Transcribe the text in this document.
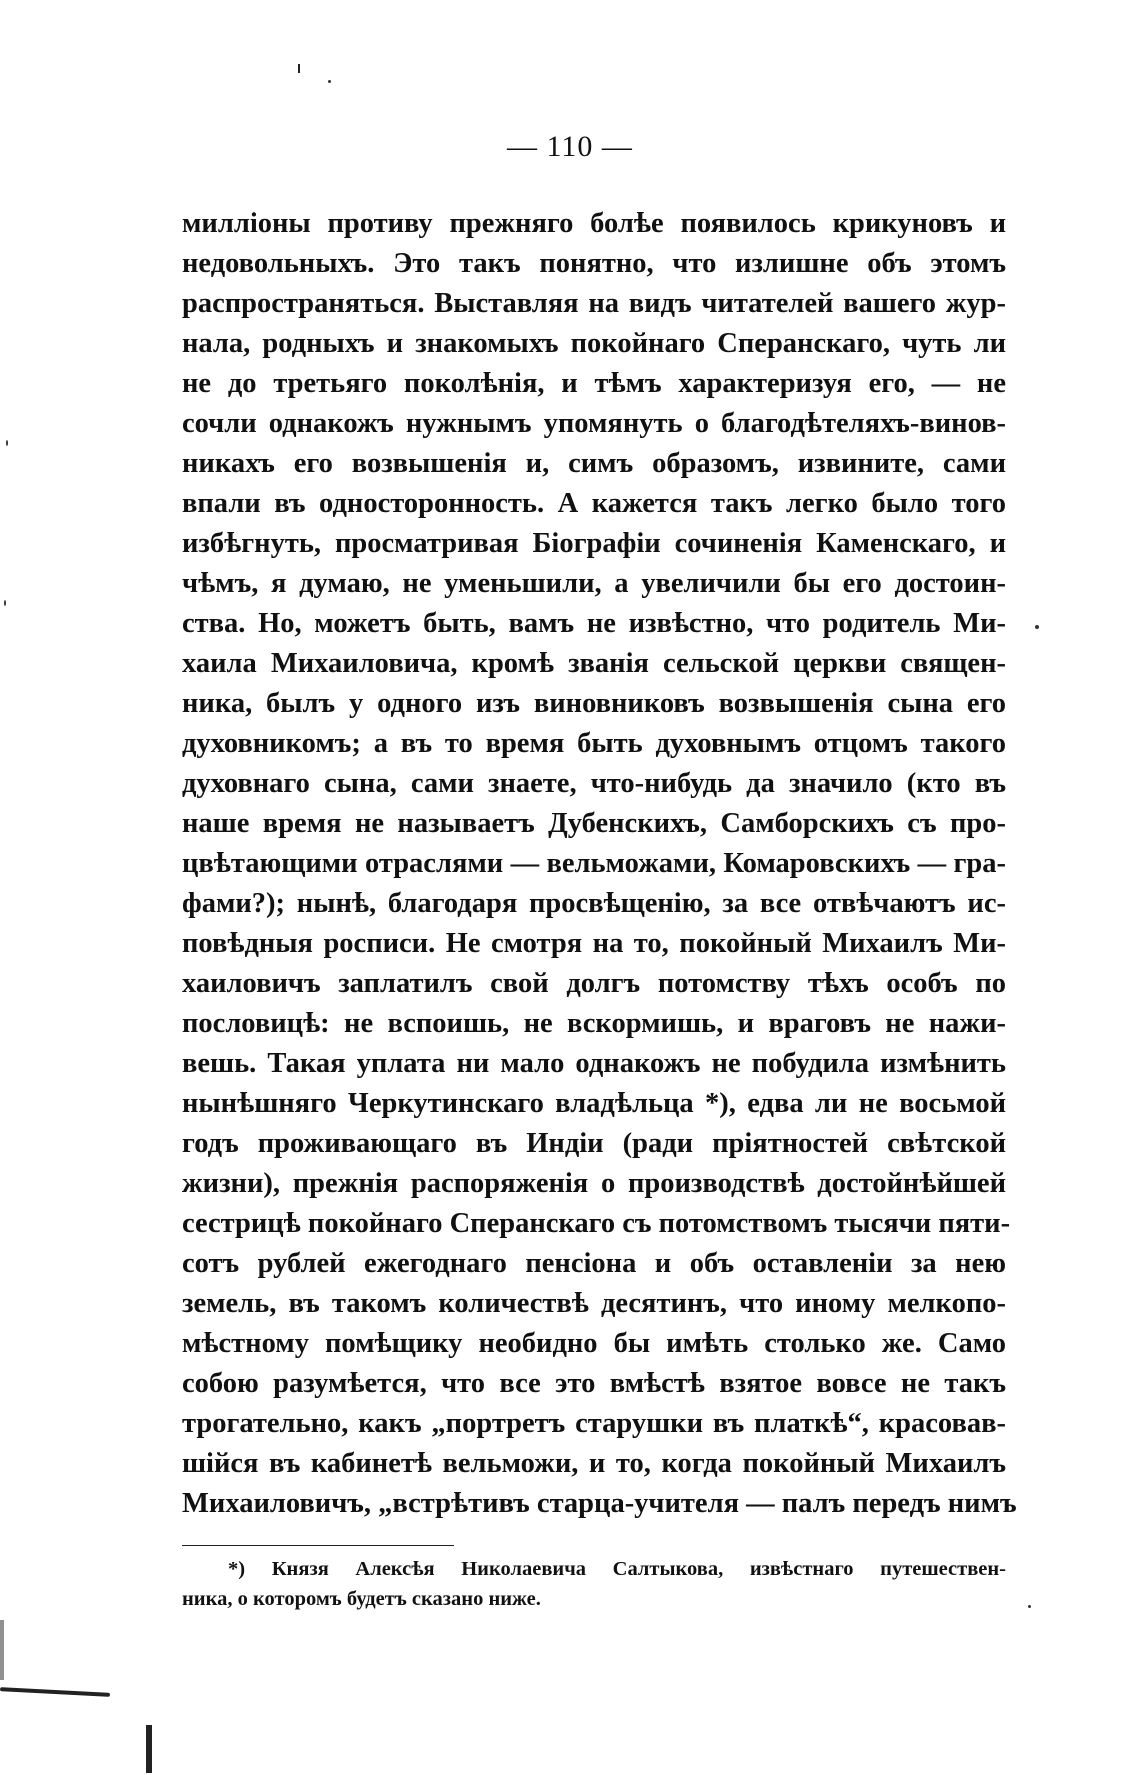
— 110 —
милліоны противу прежняго болѣе появилось крикуновъ и
недовольныхъ. Это такъ понятно, что излишне объ этомъ
распространяться. Выставляя на видъ читателей вашего жур-
нала, родныхъ и знакомыхъ покойнаго Сперанскаго, чуть ли
не до третьяго поколѣнія, и тѣмъ характеризуя его, — не
сочли однакожъ нужнымъ упомянуть о благодѣтеляхъ-винов-
никахъ его возвышенія и, симъ образомъ, извините, сами
впали въ односторонность. А кажется такъ легко было того
избѣгнуть, просматривая Біографіи сочиненія Каменскаго, и
чѣмъ, я думаю, не уменьшили, а увеличили бы его достоин-
ства. Но, можетъ быть, вамъ не извѣстно, что родитель Ми-
хаила Михаиловича, кромѣ званія сельской церкви священ-
ника, былъ у одного изъ виновниковъ возвышенія сына его
духовникомъ; а въ то время быть духовнымъ отцомъ такого
духовнаго сына, сами знаете, что-нибудь да значило (кто въ
наше время не называетъ Дубенскихъ, Самборскихъ съ про-
цвѣтающими отраслями — вельможами, Комаровскихъ — гра-
фами?); нынѣ, благодаря просвѣщенію, за все отвѣчаютъ ис-
повѣдныя росписи. Не смотря на то, покойный Михаилъ Ми-
хаиловичъ заплатилъ свой долгъ потомству тѣхъ особъ по
пословицѣ: не вспоишь, не вскормишь, и враговъ не нажи-
вешь. Такая уплата ни мало однакожъ не побудила измѣнить
нынѣшняго Черкутинскаго владѣльца *), едва ли не восьмой
годъ проживающаго въ Индіи (ради пріятностей свѣтской
жизни), прежнія распоряженія о производствѣ достойнѣйшей
сестрицѣ покойнаго Сперанскаго съ потомствомъ тысячи пяти-
сотъ рублей ежегоднаго пенсіона и объ оставленіи за нею
земель, въ такомъ количествѣ десятинъ, что иному мелкопо-
мѣстному помѣщику необидно бы имѣть столько же. Само
собою разумѣется, что все это вмѣстѣ взятое вовсе не такъ
трогательно, какъ „портретъ старушки въ платкѣ“, красовав-
шійся въ кабинетѣ вельможи, и то, когда покойный Михаилъ
Михаиловичъ, „встрѣтивъ старца-учителя — палъ передъ нимъ
*) Князя Алексѣя Николаевича Салтыкова, извѣстнаго путешествен-
ника, о которомъ будетъ сказано ниже.
